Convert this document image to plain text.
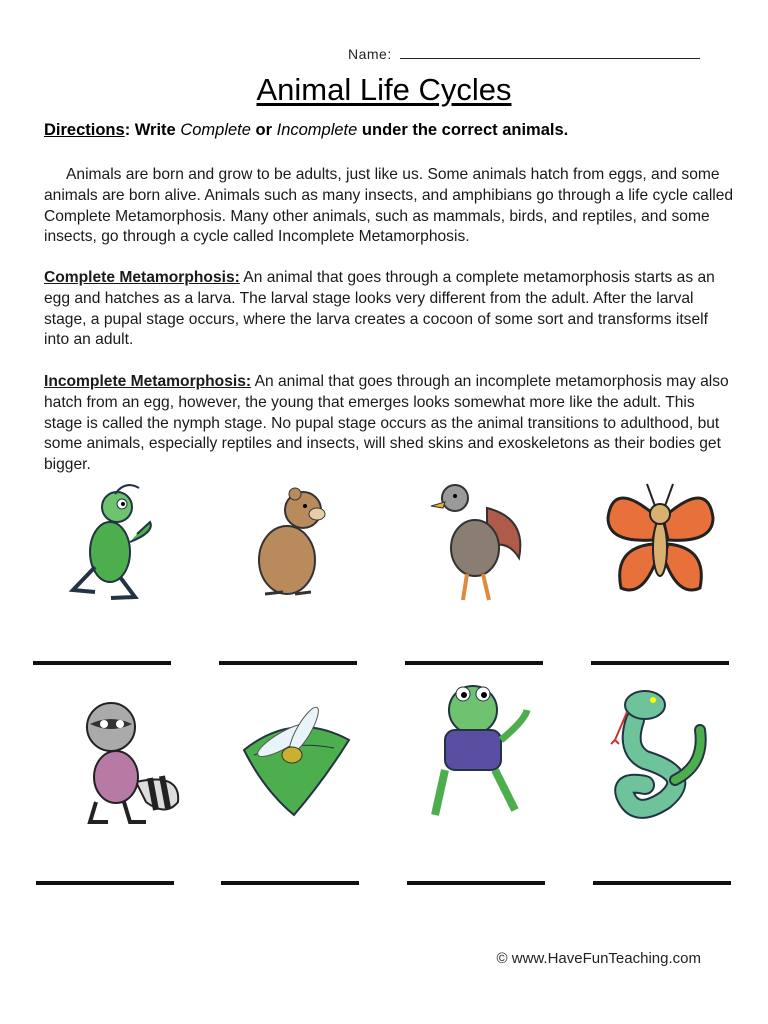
Name:
Animal Life Cycles
Directions: Write Complete or Incomplete under the correct animals.
Animals are born and grow to be adults, just like us. Some animals hatch from eggs, and some animals are born alive. Animals such as many insects, and amphibians go through a life cycle called Complete Metamorphosis. Many other animals, such as mammals, birds, and reptiles, and some insects, go through a cycle called Incomplete Metamorphosis.
Complete Metamorphosis: An animal that goes through a complete metamorphosis starts as an egg and hatches as a larva. The larval stage looks very different from the adult. After the larval stage, a pupal stage occurs, where the larva creates a cocoon of some sort and transforms itself into an adult.
Incomplete Metamorphosis: An animal that goes through an incomplete metamorphosis may also hatch from an egg, however, the young that emerges looks somewhat more like the adult. This stage is called the nymph stage. No pupal stage occurs as the animal transitions to adulthood, but some animals, especially reptiles and insects, will shed skins and exoskeletons as their bodies get bigger.
© www.HaveFunTeaching.com
